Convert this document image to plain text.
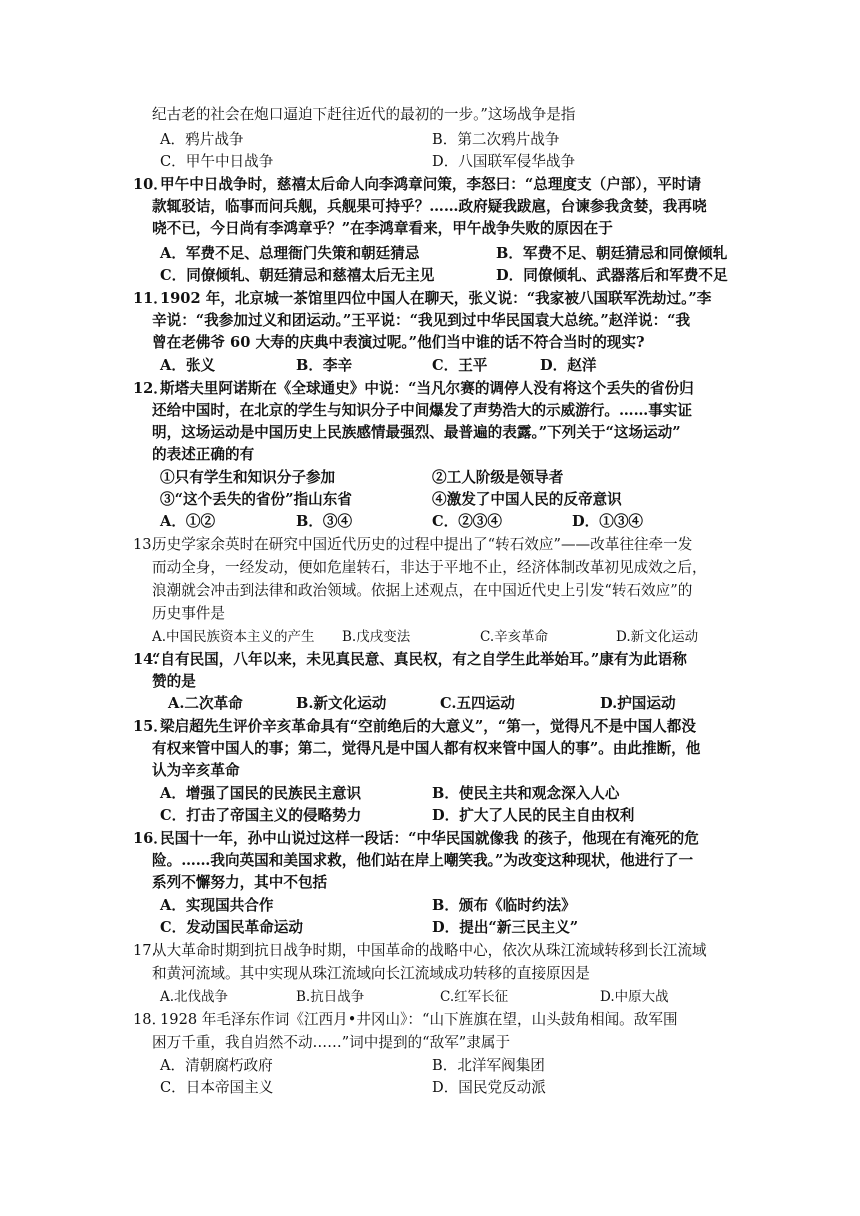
纪古老的社会在炮口逼迫下赶往近代的最初的一步。”这场战争是指
A．鸦片战争	B．第二次鸦片战争
C．甲午中日战争	D．八国联军侵华战争
10．
甲午中日战争时，慈禧太后命人向李鸿章问策，李怒曰：“总理度支（户部），平时请
款辄驳诘，临事而问兵舰，兵舰果可持乎？……政府疑我跋扈，台谏参我贪婪，我再哓
哓不已，今日尚有李鸿章乎？”在李鸿章看来，甲午战争失败的原因在于
A．军费不足、总理衙门失策和朝廷猜忌	B．军费不足、朝廷猜忌和同僚倾轧
C．同僚倾轧、朝廷猜忌和慈禧太后无主见	D．同僚倾轧、武器落后和军费不足
11．
1902 年，北京城一茶馆里四位中国人在聊天，张义说：“我家被八国联军洗劫过。”李
辛说：“我参加过义和团运动。”王平说：“我见到过中华民国袁大总统。”赵洋说：“我
曾在老佛爷 60 大寿的庆典中表演过呢。”他们当中谁的话不符合当时的现实?
A．张义	B．李辛	C．王平	D．赵洋
12．
斯塔夫里阿诺斯在《全球通史》中说：“当凡尔赛的调停人没有将这个丢失的省份归
还给中国时，在北京的学生与知识分子中间爆发了声势浩大的示威游行。……事实证
明，这场运动是中国历史上民族感情最强烈、最普遍的表露。”下列关于“这场运动”
的表述正确的有
①只有学生和知识分子参加	②工人阶级是领导者
③“这个丢失的省份”指山东省	④激发了中国人民的反帝意识
A．①②	B．③④	C．②③④	D．①③④
13.
历史学家余英时在研究中国近代历史的过程中提出了“转石效应”——改革往往牵一发
而动全身，一经发动，便如危崖转石，非达于平地不止，经济体制改革初见成效之后，
浪潮就会冲击到法律和政治领域。依据上述观点，在中国近代史上引发“转石效应”的
历史事件是
A.中国民族资本主义的产生 B.戊戌变法	C.辛亥革命	D.新文化运动
14.
“自有民国，八年以来，未见真民意、真民权，有之自学生此举始耳。”康有为此语称
赞的是
A.二次革命	B.新文化运动	C.五四运动	D.护国运动
15．
梁启超先生评价辛亥革命具有“空前绝后的大意义”，“第一，觉得凡不是中国人都没
有权来管中国人的事；第二，觉得凡是中国人都有权来管中国人的事”。由此推断，他
认为辛亥革命
A．增强了国民的民族民主意识	B．使民主共和观念深入人心
C．打击了帝国主义的侵略势力	D．扩大了人民的民主自由权利
16．
民国十一年，孙中山说过这样一段话：“中华民国就像我 的孩子，他现在有淹死的危
险。……我向英国和美国求救，他们站在岸上嘲笑我。”为改变这种现状，他进行了一
系列不懈努力，其中不包括
A．实现国共合作	B．颁布《临时约法》
C．发动国民革命运动	D．提出“新三民主义”
17.
从大革命时期到抗日战争时期，中国革命的战略中心，依次从珠江流域转移到长江流域
和黄河流域。其中实现从珠江流域向长江流域成功转移的直接原因是
A.北伐战争	B.抗日战争	C.红军长征	D.中原大战
18．
1928 年毛泽东作词《江西月•井冈山》：“山下旌旗在望，山头鼓角相闻。敌军围
困万千重，我自岿然不动……”词中提到的“敌军”隶属于
A．清朝腐朽政府	B．北洋军阀集团
C．日本帝国主义	D．国民党反动派
